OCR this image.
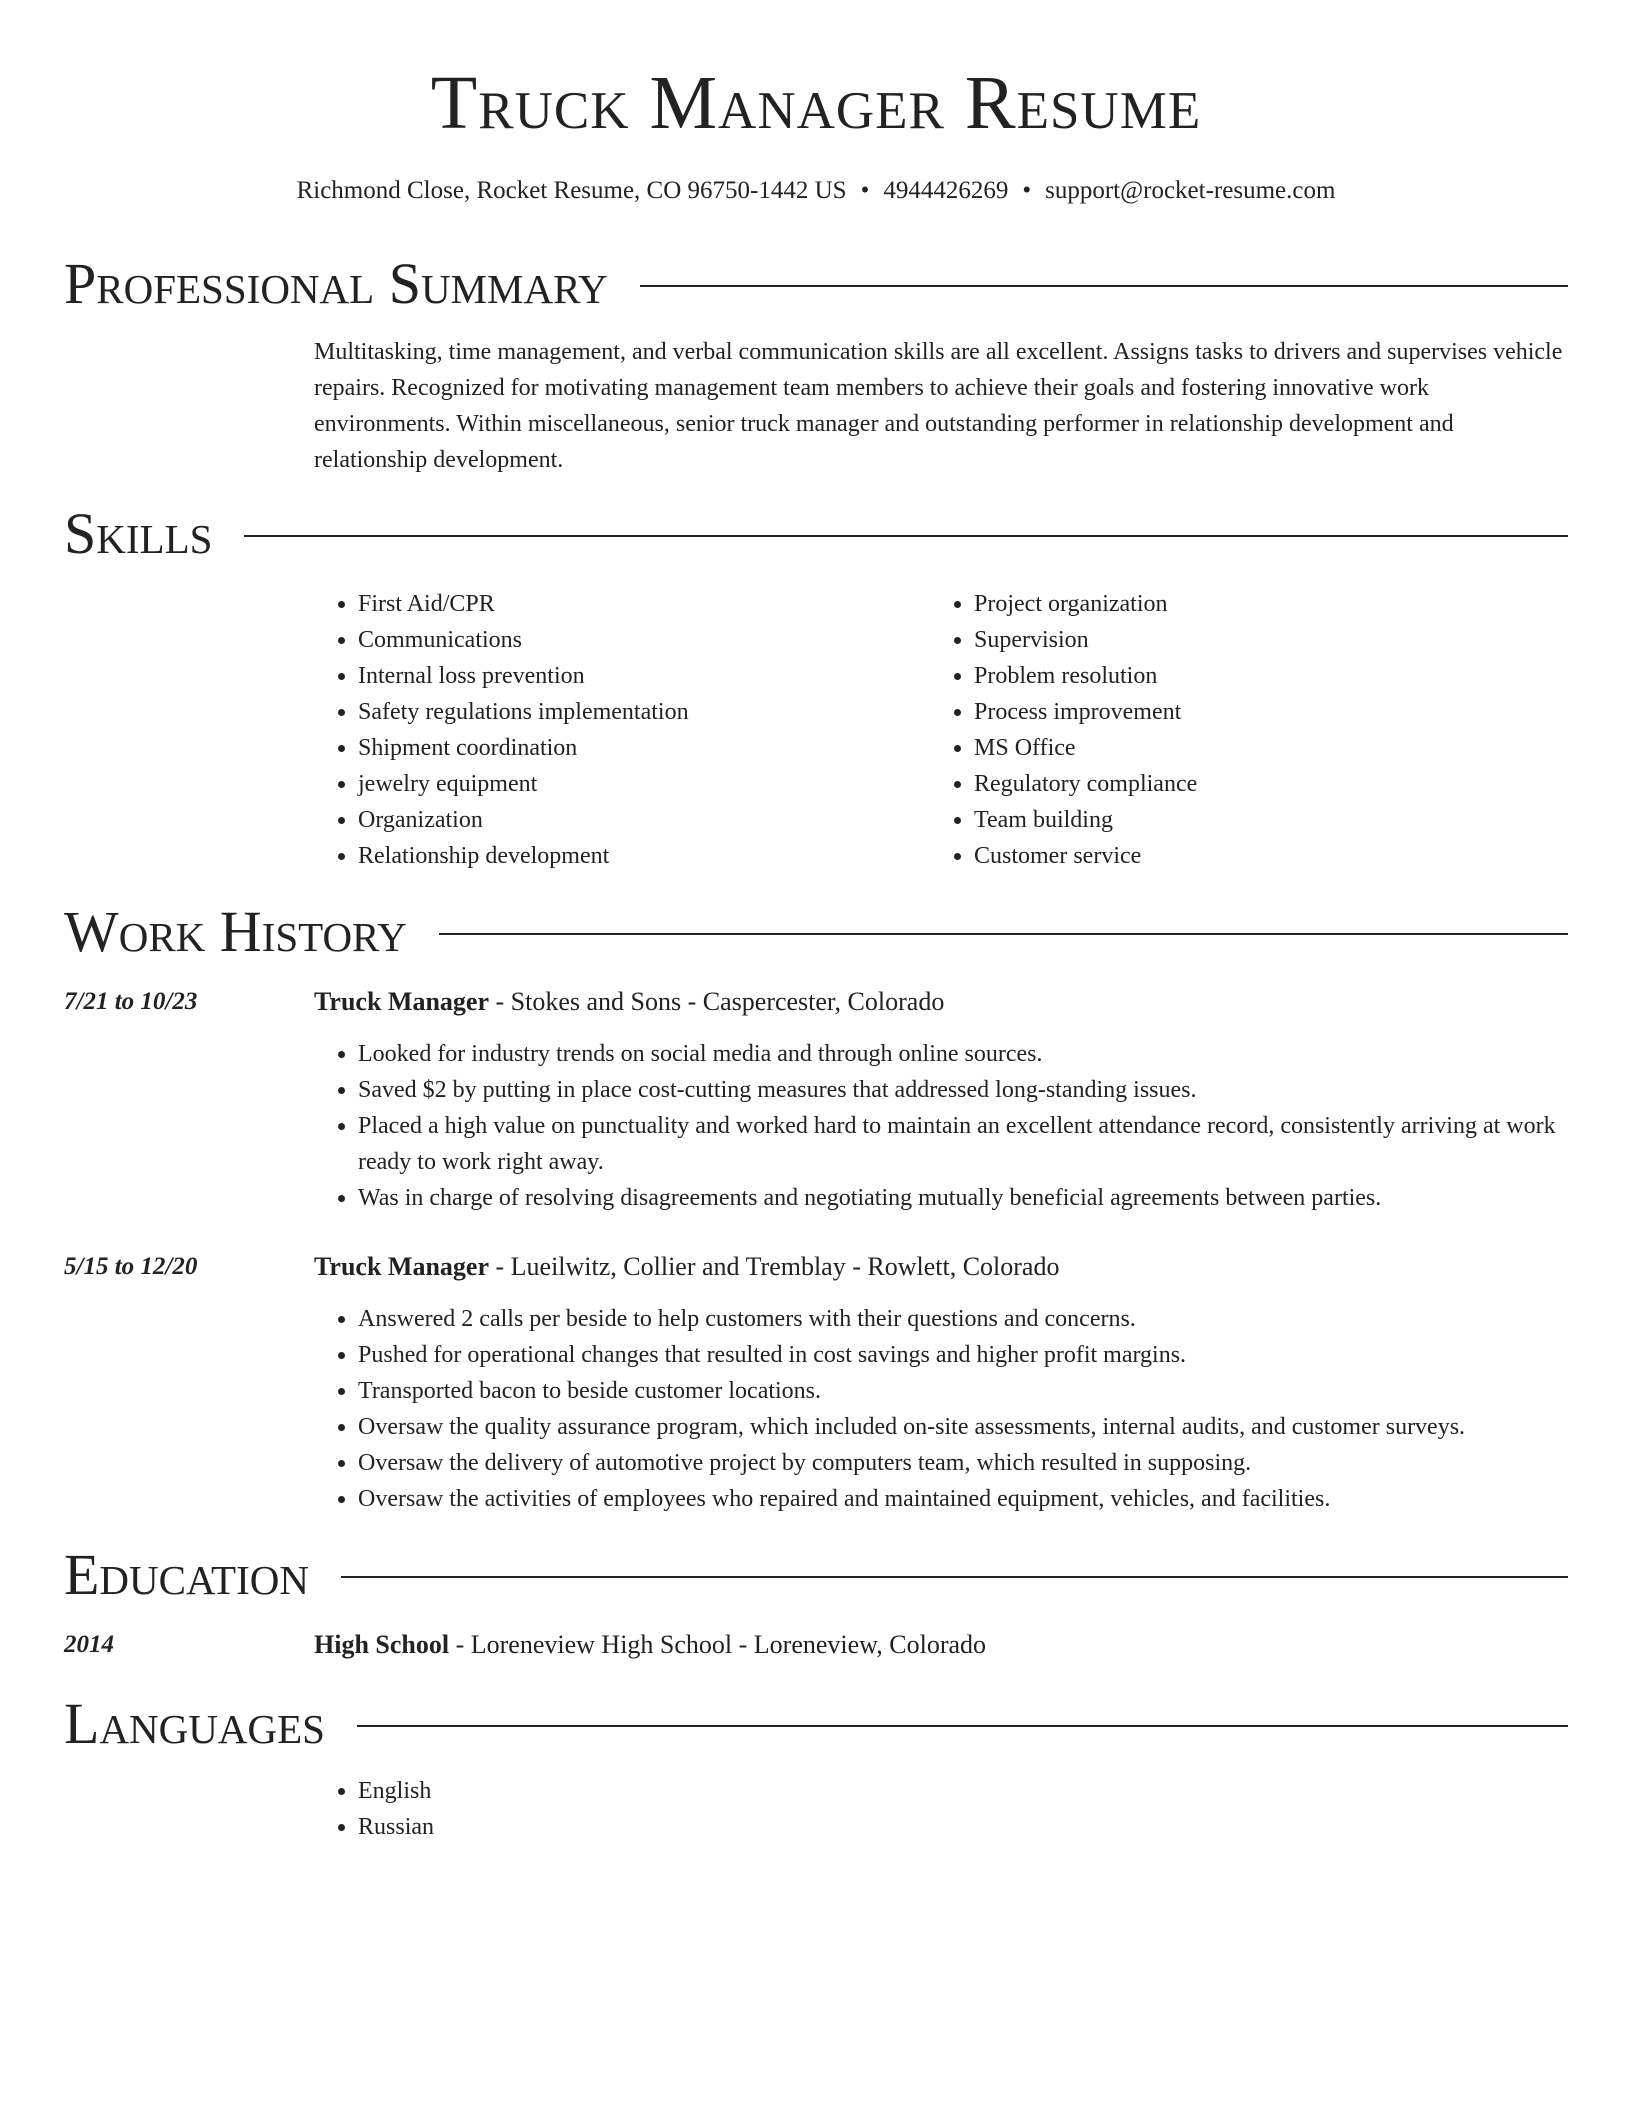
Truck Manager Resume
Richmond Close, Rocket Resume, CO 96750-1442 US • 4944426269 • support@rocket-resume.com
Professional Summary

Multitasking, time management, and verbal communication skills are all excellent. Assigns tasks to drivers and supervises vehicle repairs. Recognized for motivating management team members to achieve their goals and fostering innovative work environments. Within miscellaneous, senior truck manager and outstanding performer in relationship development and relationship development.

Skills
• First Aid/CPR
• Communications
• Internal loss prevention
• Safety regulations implementation
• Shipment coordination
• jewelry equipment
• Organization
• Relationship development
• Project organization
• Supervision
• Problem resolution
• Process improvement
• MS Office
• Regulatory compliance
• Team building
• Customer service
Work History
7/21 to 10/23	Truck Manager - Stokes and Sons - Caspercester, Colorado
• Looked for industry trends on social media and through online sources.
• Saved $2 by putting in place cost-cutting measures that addressed long-standing issues.
• Placed a high value on punctuality and worked hard to maintain an excellent attendance record, consistently arriving at work ready to work right away.
• Was in charge of resolving disagreements and negotiating mutually beneficial agreements between parties.
5/15 to 12/20	Truck Manager - Lueilwitz, Collier and Tremblay - Rowlett, Colorado
• Answered 2 calls per beside to help customers with their questions and concerns.
• Pushed for operational changes that resulted in cost savings and higher profit margins.
• Transported bacon to beside customer locations.
• Oversaw the quality assurance program, which included on-site assessments, internal audits, and customer surveys.
• Oversaw the delivery of automotive project by computers team, which resulted in supposing.
• Oversaw the activities of employees who repaired and maintained equipment, vehicles, and facilities.
Education
2014	High School - Loreneview High School - Loreneview, Colorado
Languages
• English
• Russian
